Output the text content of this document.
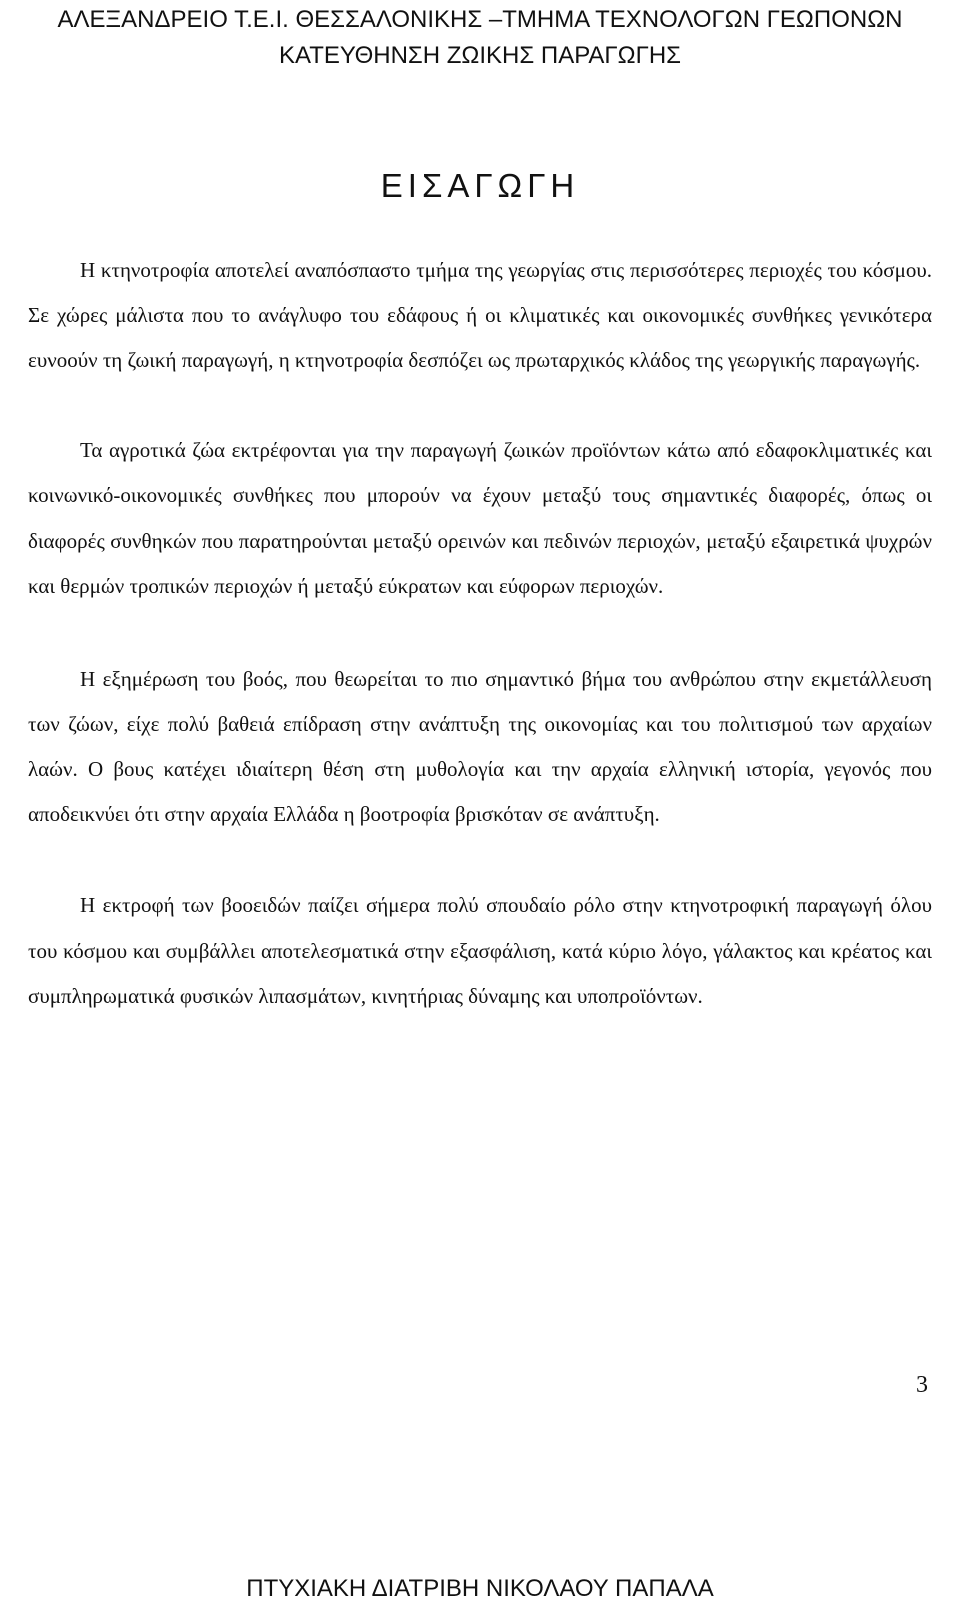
ΑΛΕΞΑΝΔΡΕΙΟ Τ.Ε.Ι. ΘΕΣΣΑΛΟΝΙΚΗΣ –ΤΜΗΜΑ ΤΕΧΝΟΛΟΓΩΝ ΓΕΩΠΟΝΩΝ
ΚΑΤΕΥΘΗΝΣΗ ΖΩΙΚΗΣ ΠΑΡΑΓΩΓΗΣ
ΕΙΣΑΓΩΓΗ

Η κτηνοτροφία αποτελεί αναπόσπαστο τμήμα της γεωργίας στις περισσότερες περιοχές του κόσμου. Σε χώρες μάλιστα που το ανάγλυφο του εδάφους ή οι κλιματικές και οικονομικές συνθήκες γενικότερα ευνοούν τη ζωική παραγωγή, η κτηνοτροφία δεσπόζει ως πρωταρχικός κλάδος της γεωργικής παραγωγής.

Τα αγροτικά ζώα εκτρέφονται για την παραγωγή ζωικών προϊόντων κάτω από εδαφοκλιματικές και κοινωνικό-οικονομικές συνθήκες που μπορούν να έχουν μεταξύ τους σημαντικές διαφορές, όπως οι διαφορές συνθηκών που παρατηρούνται μεταξύ ορεινών και πεδινών περιοχών, μεταξύ εξαιρετικά ψυχρών και θερμών τροπικών περιοχών ή μεταξύ εύκρατων και εύφορων περιοχών.

Η εξημέρωση του βοός, που θεωρείται το πιο σημαντικό βήμα του ανθρώπου στην εκμετάλλευση των ζώων, είχε πολύ βαθειά επίδραση στην ανάπτυξη της οικονομίας και του πολιτισμού των αρχαίων λαών. Ο βους κατέχει ιδιαίτερη θέση στη μυθολογία και την αρχαία ελληνική ιστορία, γεγονός που αποδεικνύει ότι στην αρχαία Ελλάδα η βοοτροφία βρισκόταν σε ανάπτυξη.

Η εκτροφή των βοοειδών παίζει σήμερα πολύ σπουδαίο ρόλο στην κτηνοτροφική παραγωγή όλου του κόσμου και συμβάλλει αποτελεσματικά στην εξασφάλιση, κατά κύριο λόγο, γάλακτος και κρέατος και συμπληρωματικά φυσικών λιπασμάτων, κινητήριας δύναμης και υποπροϊόντων.

3
ΠΤΥΧΙΑΚΗ ΔΙΑΤΡΙΒΗ ΝΙΚΟΛΑΟΥ ΠΑΠΑΛΑ
